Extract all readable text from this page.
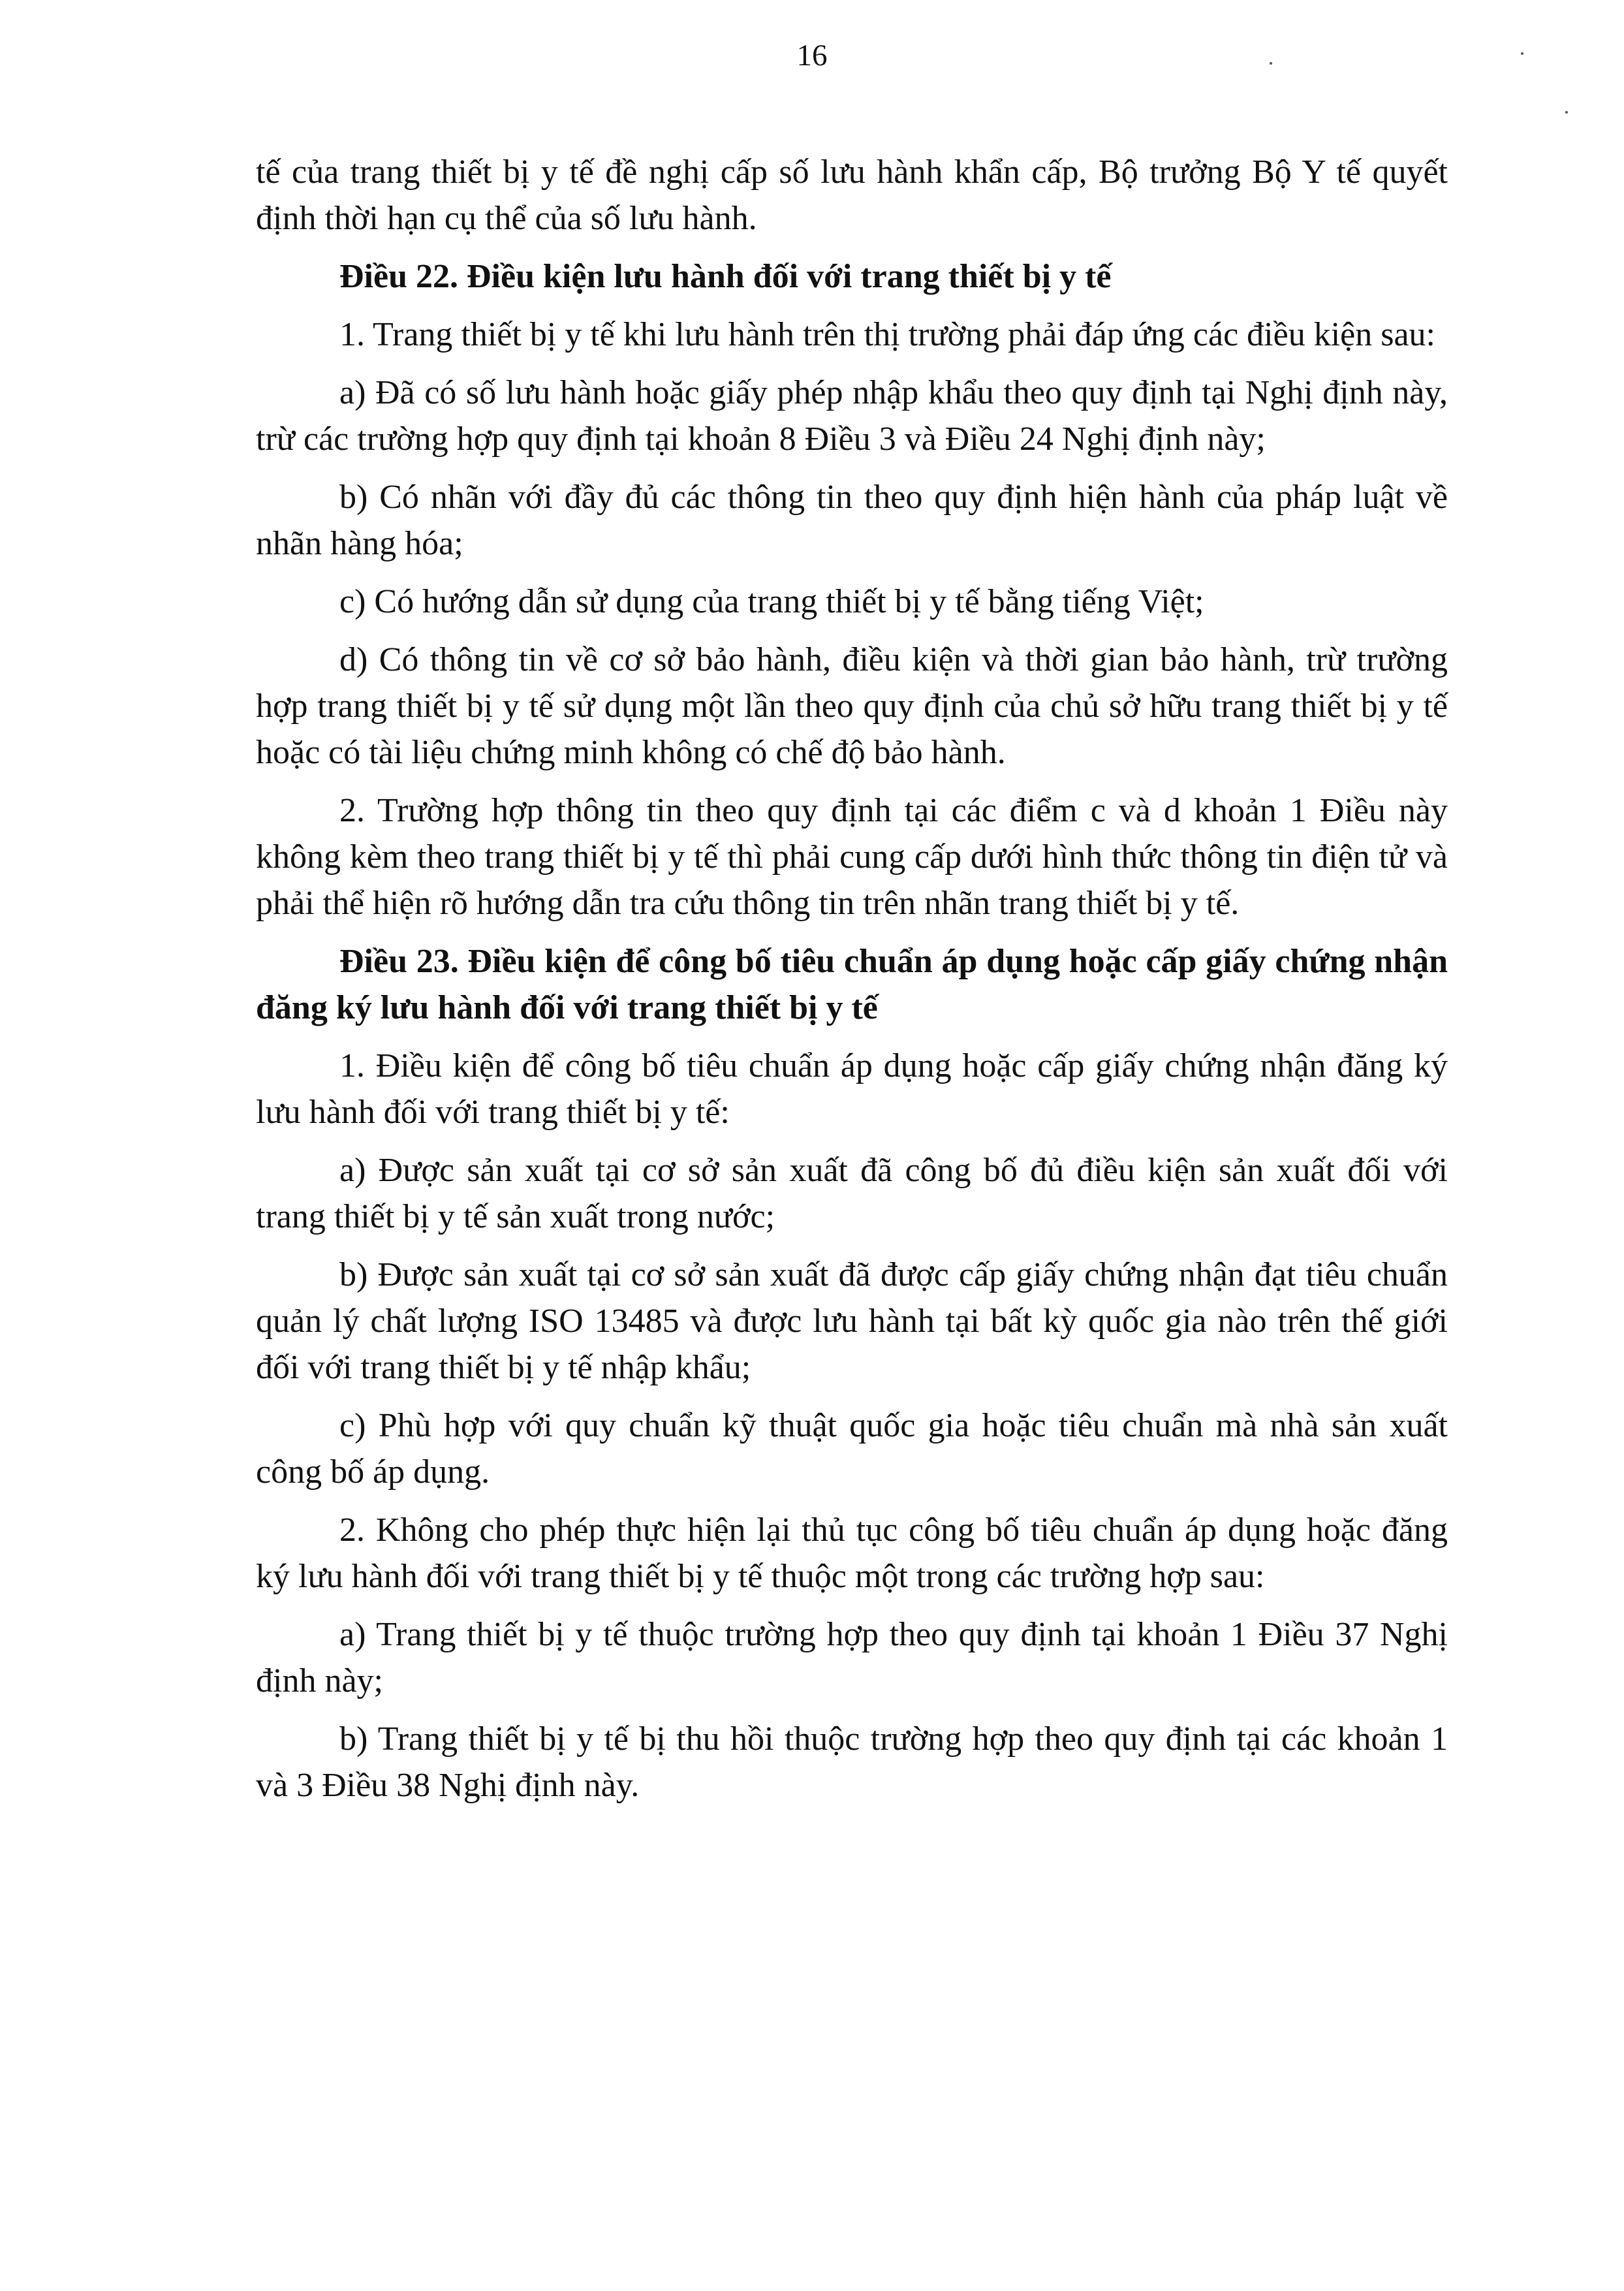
16

tế của trang thiết bị y tế đề nghị cấp số lưu hành khẩn cấp, Bộ trưởng Bộ Y tế quyết định thời hạn cụ thể của số lưu hành.

Điều 22. Điều kiện lưu hành đối với trang thiết bị y tế

1. Trang thiết bị y tế khi lưu hành trên thị trường phải đáp ứng các điều kiện sau:

a) Đã có số lưu hành hoặc giấy phép nhập khẩu theo quy định tại Nghị định này, trừ các trường hợp quy định tại khoản 8 Điều 3 và Điều 24 Nghị định này;

b) Có nhãn với đầy đủ các thông tin theo quy định hiện hành của pháp luật về nhãn hàng hóa;

c) Có hướng dẫn sử dụng của trang thiết bị y tế bằng tiếng Việt;

d) Có thông tin về cơ sở bảo hành, điều kiện và thời gian bảo hành, trừ trường hợp trang thiết bị y tế sử dụng một lần theo quy định của chủ sở hữu trang thiết bị y tế hoặc có tài liệu chứng minh không có chế độ bảo hành.

2. Trường hợp thông tin theo quy định tại các điểm c và d khoản 1 Điều này không kèm theo trang thiết bị y tế thì phải cung cấp dưới hình thức thông tin điện tử và phải thể hiện rõ hướng dẫn tra cứu thông tin trên nhãn trang thiết bị y tế.

Điều 23. Điều kiện để công bố tiêu chuẩn áp dụng hoặc cấp giấy chứng nhận đăng ký lưu hành đối với trang thiết bị y tế

1. Điều kiện để công bố tiêu chuẩn áp dụng hoặc cấp giấy chứng nhận đăng ký lưu hành đối với trang thiết bị y tế:

a) Được sản xuất tại cơ sở sản xuất đã công bố đủ điều kiện sản xuất đối với trang thiết bị y tế sản xuất trong nước;

b) Được sản xuất tại cơ sở sản xuất đã được cấp giấy chứng nhận đạt tiêu chuẩn quản lý chất lượng ISO 13485 và được lưu hành tại bất kỳ quốc gia nào trên thế giới đối với trang thiết bị y tế nhập khẩu;

c) Phù hợp với quy chuẩn kỹ thuật quốc gia hoặc tiêu chuẩn mà nhà sản xuất công bố áp dụng.

2. Không cho phép thực hiện lại thủ tục công bố tiêu chuẩn áp dụng hoặc đăng ký lưu hành đối với trang thiết bị y tế thuộc một trong các trường hợp sau:

a) Trang thiết bị y tế thuộc trường hợp theo quy định tại khoản 1 Điều 37 Nghị định này;

b) Trang thiết bị y tế bị thu hồi thuộc trường hợp theo quy định tại các khoản 1 và 3 Điều 38 Nghị định này.
